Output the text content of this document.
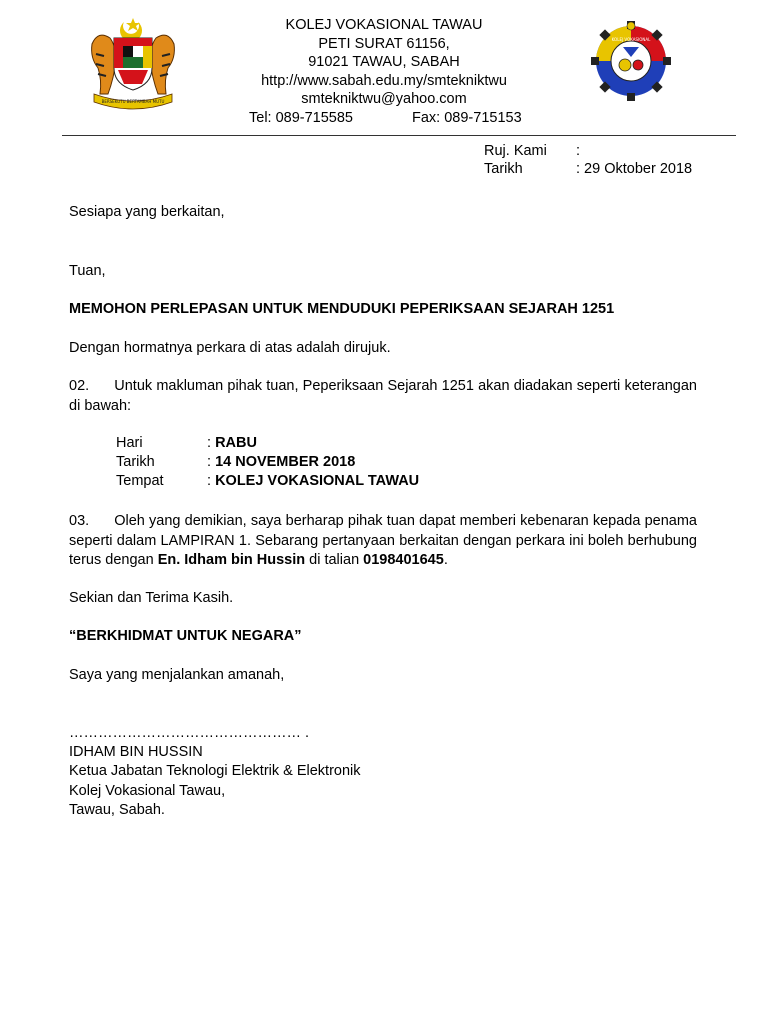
BERSEKUTU BERTAMBAH MUTU
KOLEJ VOKASIONAL
KOLEJ VOKASIONAL TAWAU
PETI SURAT 61156,
91021 TAWAU, SABAH
http://www.sabah.edu.my/smteknikt​wu
smteknikt​wu@yahoo.com
Tel: 089-715585	Fax: 089-715153
Ruj. Kami	:
Tarikh	: 29 Oktober 2018
Sesiapa yang berkaitan,
Tuan,
MEMOHON PERLEPASAN UNTUK MENDUDUKI PEPERIKSAAN SEJARAH 1251
Dengan hormatnya perkara di atas adalah dirujuk.
02.      Untuk makluman pihak tuan, Peperiksaan Sejarah 1251 akan diadakan seperti keterangan di bawah:
Hari	: RABU
Tarikh	: 14 NOVEMBER 2018
Tempat	: KOLEJ VOKASIONAL TAWAU
03.      Oleh yang demikian, saya berharap pihak tuan dapat memberi kebenaran kepada penama seperti dalam LAMPIRAN 1. Sebarang pertanyaan berkaitan dengan perkara ini boleh berhubung terus dengan En. Idham bin Hussin di talian 0198401645.
Sekian dan Terima Kasih.
“BERKHIDMAT UNTUK NEGARA”
Saya yang menjalankan amanah,
………………………………………… .
IDHAM BIN HUSSIN
Ketua Jabatan Teknologi Elektrik & Elektronik
Kolej Vokasional Tawau,
Tawau, Sabah.
